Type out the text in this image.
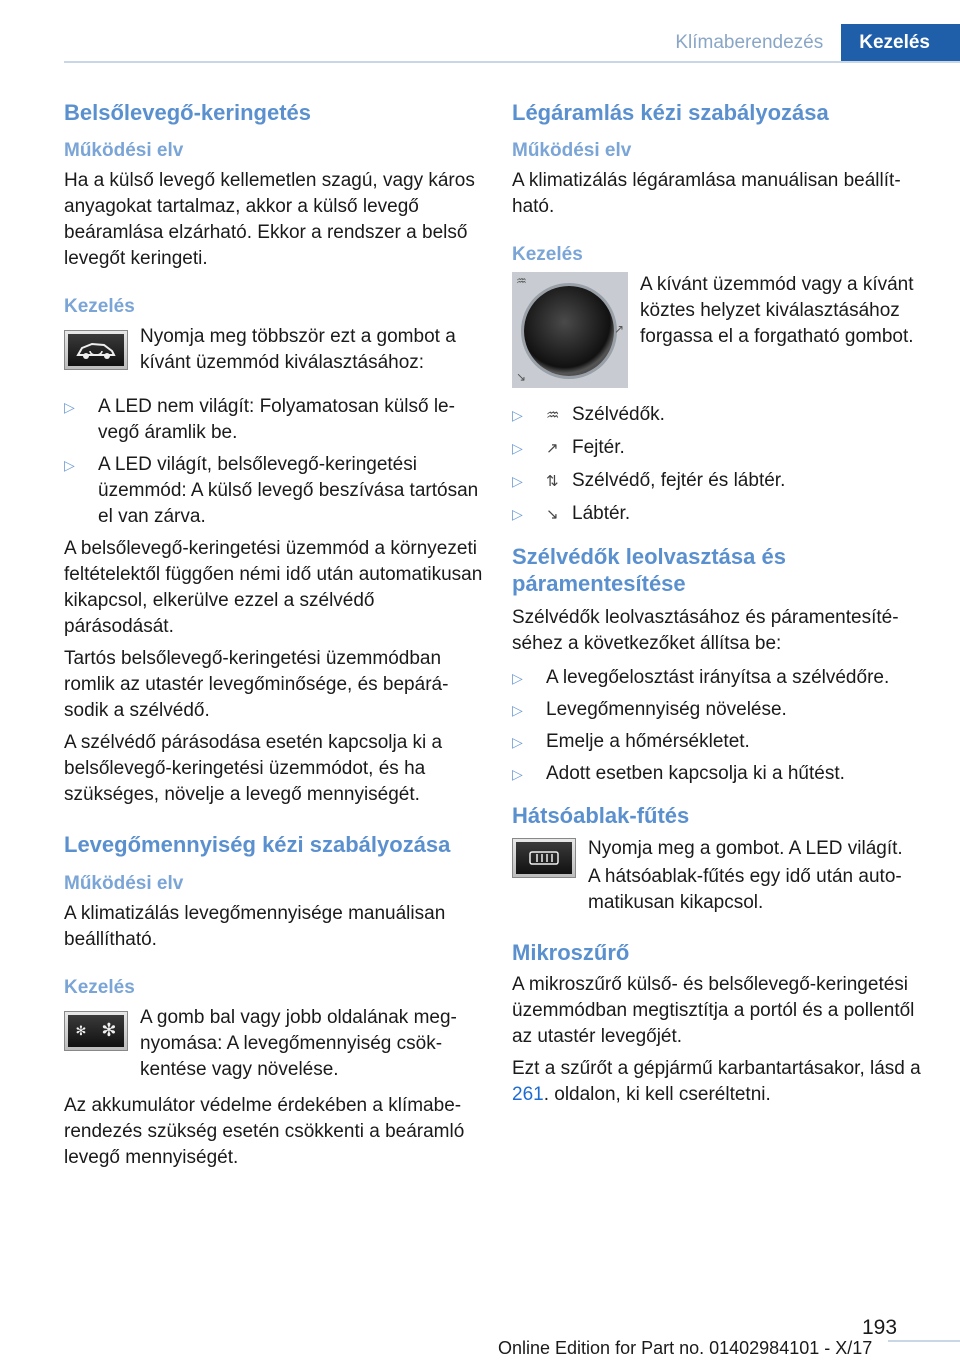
Klímaberendezés	Kezelés
Belsőlevegő-keringetés
Működési elv

Ha a külső levegő kellemetlen szagú, vagy káros anyagokat tartalmaz, akkor a külső levegő beáramlása elzárható. Ekkor a rendszer a belső levegőt keringeti.

Kezelés
Nyomja meg többször ezt a gombot a kívánt üzemmód kiválasztásához:
▷ A LED nem világít: Folyamatosan külső levegő áramlik be.
▷ A LED világít, belsőlevegő-keringetési üzemmód: A külső levegő beszívása tartósan el van zárva.

A belsőlevegő-keringetési üzemmód a környezeti feltételektől függően némi idő után automatikusan kikapcsol, elkerülve ezzel a szélvédő párásodását.

Tartós belsőlevegő-keringetési üzemmódban romlik az utastér levegőminősége, és bepárásodik a szélvédő.

A szélvédő párásodása esetén kapcsolja ki a belsőlevegő-keringetési üzemmódot, és ha szükséges, növelje a levegő mennyiségét.

Levegőmennyiség kézi szabályozása
Működési elv

A klimatizálás levegőmennyisége manuálisan beállítható.

Kezelés
✻ ✻
A gomb bal vagy jobb oldalának megnyomása: A levegőmennyiség csökkentése vagy növelése.

Az akkumulátor védelme érdekében a klímaberendezés szükség esetén csökkenti a beáramló levegő mennyiségét.

Légáramlás kézi szabályozása
Működési elv

A klimatizálás légáramlása manuálisan beállítható.

Kezelés
♒
↗
↘
A kívánt üzemmód vagy a kívánt köztes helyzet kiválasztásához forgassa el a forgatható gombot.
▷ ♒ Szélvédők.
▷ ↗ Fejtér.
▷ ⇅ Szélvédő, fejtér és lábtér.
▷ ↘ Lábtér.
Szélvédők leolvasztása és páramentesítése

Szélvédők leolvasztásához és páramentesítéséhez a következőket állítsa be:

▷ A levegőelosztást irányítsa a szélvédőre.
▷ Levegőmennyiség növelése.
▷ Emelje a hőmérsékletet.
▷ Adott esetben kapcsolja ki a hűtést.
Hátsóablak-fűtés
Nyomja meg a gombot. A LED világít.

A hátsóablak-fűtés egy idő után automatikusan kikapcsol.

Mikroszűrő

A mikroszűrő külső- és belsőlevegő-keringetési üzemmódban megtisztítja a portól és a pollentől az utastér levegőjét.

Ezt a szűrőt a gépjármű karbantartásakor, lásd a 261. oldalon, ki kell cseréltetni.

193
Online Edition for Part no. 01402984101 - X/17
